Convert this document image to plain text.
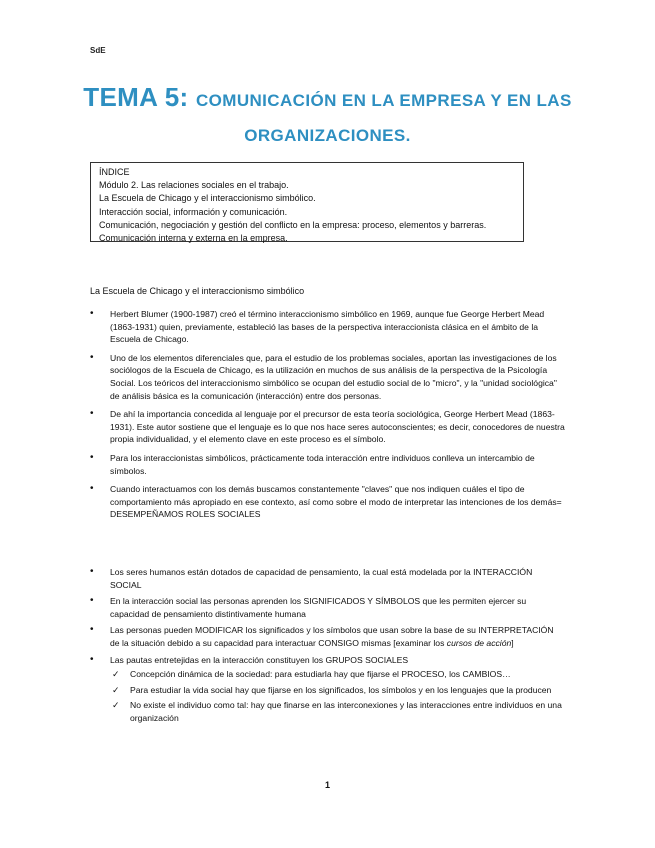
SdE
TEMA 5: COMUNICACIÓN EN LA EMPRESA Y EN LAS
ORGANIZACIONES.
ÍNDICE
Módulo 2. Las relaciones sociales en el trabajo.
La Escuela de Chicago y el interaccionismo simbólico.
Interacción social, información y comunicación.
Comunicación, negociación y gestión del conflicto en la empresa: proceso, elementos y barreras.
Comunicación interna y externa en la empresa.
La Escuela de Chicago y el interaccionismo simbólico
• Herbert Blumer (1900-1987) creó el término interaccionismo simbólico en 1969, aunque fue George Herbert Mead (1863-1931) quien, previamente, estableció las bases de la perspectiva interaccionista clásica en el ámbito de la Escuela de Chicago.
• Uno de los elementos diferenciales que, para el estudio de los problemas sociales, aportan las investigaciones de los sociólogos de la Escuela de Chicago, es la utilización en muchos de sus análisis de la perspectiva de la Psicología Social. Los teóricos del interaccionismo simbólico se ocupan del estudio social de lo "micro", y la "unidad sociológica" de análisis básica es la comunicación (interacción) entre dos personas.
• De ahí la importancia concedida al lenguaje por el precursor de esta teoría sociológica, George Herbert Mead (1863-1931). Este autor sostiene que el lenguaje es lo que nos hace seres autoconscientes; es decir, conocedores de nuestra propia individualidad, y el elemento clave en este proceso es el símbolo.
• Para los interaccionistas simbólicos, prácticamente toda interacción entre individuos conlleva un intercambio de símbolos.
• Cuando interactuamos con los demás buscamos constantemente "claves" que nos indiquen cuáles el tipo de comportamiento más apropiado en ese contexto, así como sobre el modo de interpretar las intenciones de los demás= DESEMPEÑAMOS ROLES SOCIALES
• Los seres humanos están dotados de capacidad de pensamiento, la cual está modelada por la INTERACCIÓN SOCIAL
• En la interacción social las personas aprenden los SIGNIFICADOS Y SÍMBOLOS que les permiten ejercer su capacidad de pensamiento distintivamente humana
• Las personas pueden MODIFICAR los significados y los símbolos que usan sobre la base de su INTERPRETACIÓN de la situación debido a su capacidad para interactuar CONSIGO mismas [examinar los cursos de acción]
• Las pautas entretejidas en la interacción constituyen los GRUPOS SOCIALES
✓ Concepción dinámica de la sociedad: para estudiarla hay que fijarse el PROCESO, los CAMBIOS…
✓ Para estudiar la vida social hay que fijarse en los significados, los símbolos y en los lenguajes que la producen
✓ No existe el individuo como tal: hay que finarse en las interconexiones y las interacciones entre individuos en una organización
1
